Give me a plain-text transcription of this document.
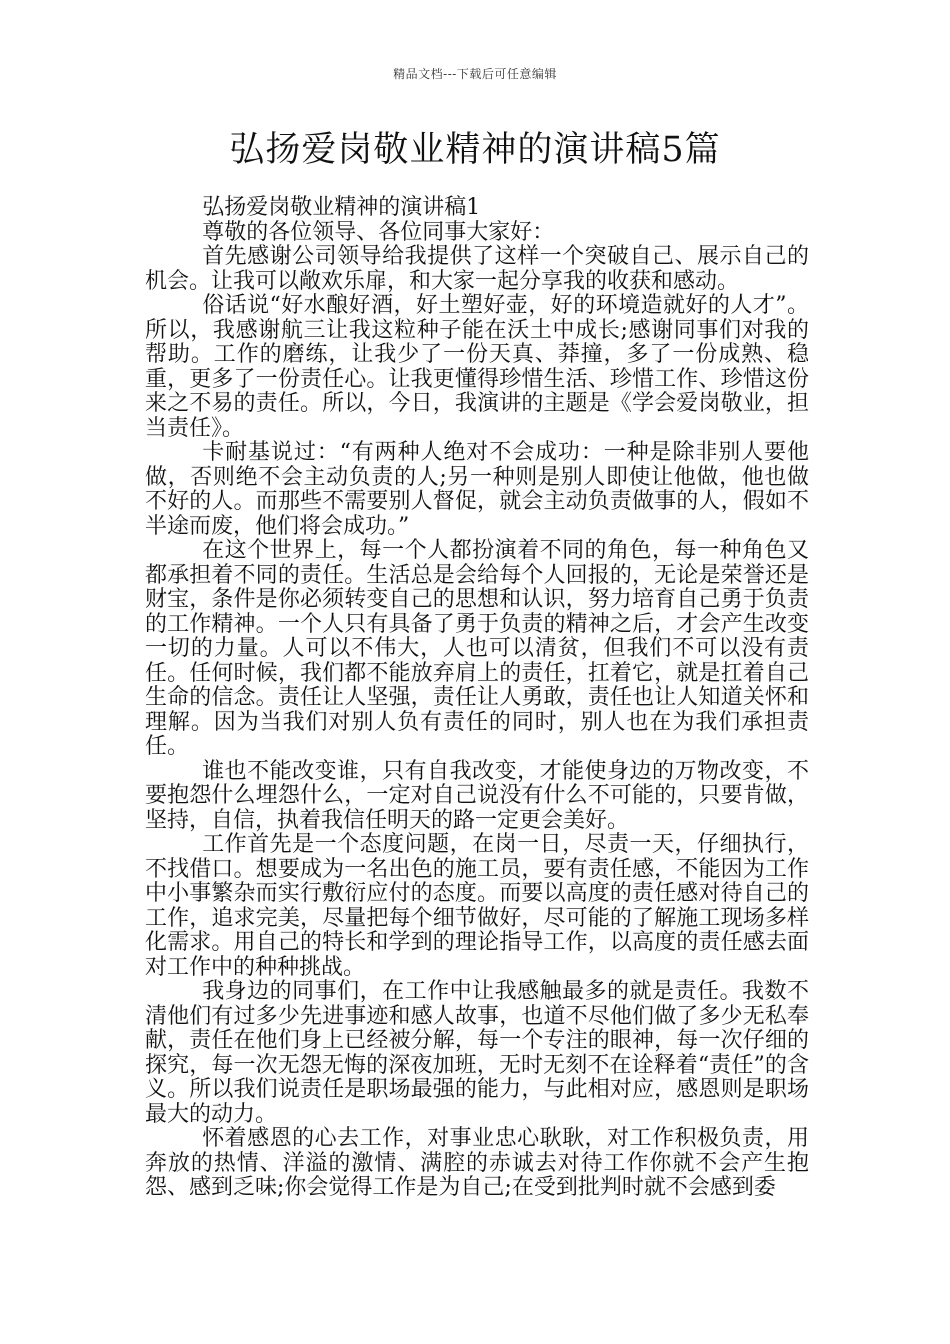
精品文档---下载后可任意编辑
弘扬爱岗敬业精神的演讲稿5篇

弘扬爱岗敬业精神的演讲稿1

尊敬的各位领导、各位同事大家好：

首先感谢公司领导给我提供了这样一个突破自己、展示自己的机会。让我可以敞欢乐扉，和大家一起分享我的收获和感动。

俗话说“好水酿好酒，好土塑好壶，好的环境造就好的人才”。所以，我感谢航三让我这粒种子能在沃土中成长;感谢同事们对我的帮助。工作的磨练，让我少了一份天真、莽撞，多了一份成熟、稳重，更多了一份责任心。让我更懂得珍惜生活、珍惜工作、珍惜这份来之不易的责任。所以，今日，我演讲的主题是《学会爱岗敬业，担当责任》。

卡耐基说过：“有两种人绝对不会成功：一种是除非别人要他做，否则绝不会主动负责的人;另一种则是别人即使让他做，他也做不好的人。而那些不需要别人督促，就会主动负责做事的人，假如不半途而废，他们将会成功。”

在这个世界上，每一个人都扮演着不同的角色，每一种角色又都承担着不同的责任。生活总是会给每个人回报的，无论是荣誉还是财宝，条件是你必须转变自己的思想和认识，努力培育自己勇于负责的工作精神。一个人只有具备了勇于负责的精神之后，才会产生改变一切的力量。人可以不伟大，人也可以清贫，但我们不可以没有责任。任何时候，我们都不能放弃肩上的责任，扛着它，就是扛着自己生命的信念。责任让人坚强，责任让人勇敢，责任也让人知道关怀和理解。因为当我们对别人负有责任的同时，别人也在为我们承担责任。

谁也不能改变谁，只有自我改变，才能使身边的万物改变，不要抱怨什么埋怨什么，一定对自己说没有什么不可能的，只要肯做，坚持，自信，执着我信任明天的路一定更会美好。

工作首先是一个态度问题，在岗一日，尽责一天，仔细执行，不找借口。想要成为一名出色的施工员，要有责任感，不能因为工作中小事繁杂而实行敷衍应付的态度。而要以高度的责任感对待自己的工作，追求完美，尽量把每个细节做好，尽可能的了解施工现场多样化需求。用自己的特长和学到的理论指导工作，以高度的责任感去面对工作中的种种挑战。

我身边的同事们，在工作中让我感触最多的就是责任。我数不清他们有过多少先进事迹和感人故事，也道不尽他们做了多少无私奉献，责任在他们身上已经被分解，每一个专注的眼神，每一次仔细的探究，每一次无怨无悔的深夜加班，无时无刻不在诠释着“责任”的含义。所以我们说责任是职场最强的能力，与此相对应，感恩则是职场最大的动力。

怀着感恩的心去工作，对事业忠心耿耿，对工作积极负责，用奔放的热情、洋溢的激情、满腔的赤诚去对待工作你就不会产生抱怨、感到乏味;你会觉得工作是为自己;在受到批判时就不会感到委
